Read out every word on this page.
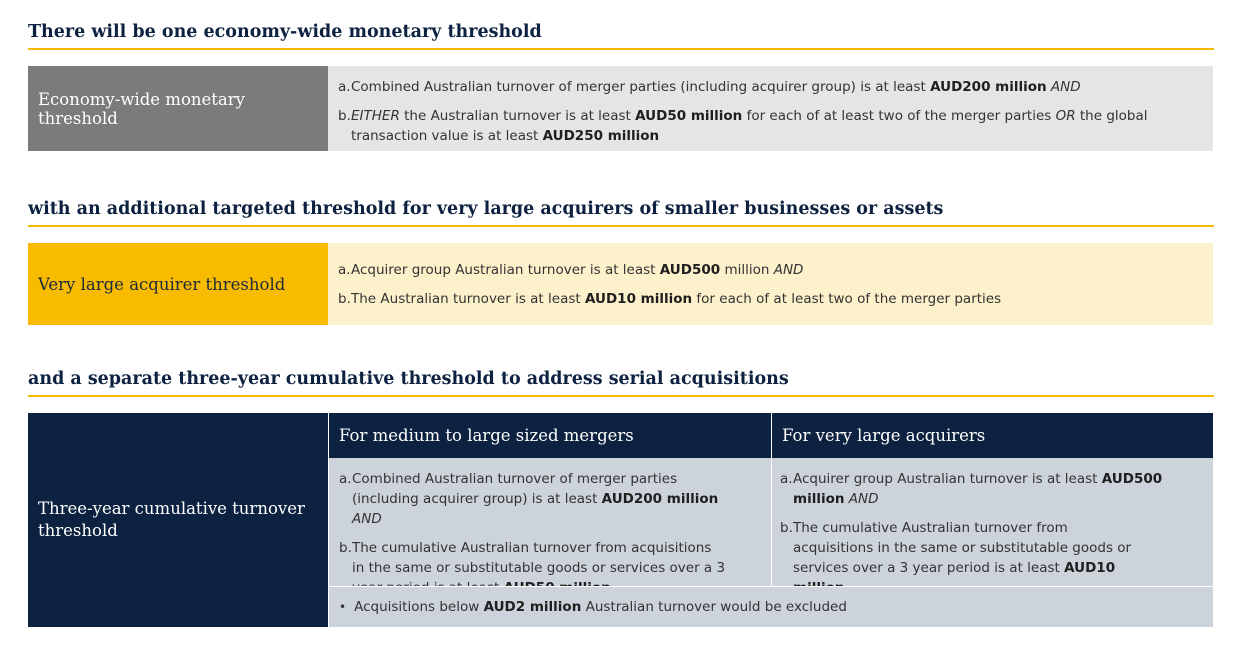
There will be one economy-wide monetary threshold
Economy-wide monetary threshold
a. Combined Australian turnover of merger parties (including acquirer group) is at least AUD200 million AND
b. EITHER the Australian turnover is at least AUD50 million for each of at least two of the merger parties OR the global transaction value is at least AUD250 million
with an additional targeted threshold for very large acquirers of smaller businesses or assets
Very large acquirer threshold
a. Acquirer group Australian turnover is at least AUD500 million AND
b. The Australian turnover is at least AUD10 million for each of at least two of the merger parties
and a separate three-year cumulative threshold to address serial acquisitions
Three-year cumulative turnover threshold
For medium to large sized mergers	For very large acquirers
a. Combined Australian turnover of merger parties (including acquirer group) is at least AUD200 million AND
b. The cumulative Australian turnover from acquisitions in the same or substitutable goods or services over a 3
a. Acquirer group Australian turnover is at least AUD500 million AND
b. The cumulative Australian turnover from acquisitions in the same or substitutable goods or services over a 3 year period is at least AUD10
• Acquisitions below AUD2 million Australian turnover would be excluded
